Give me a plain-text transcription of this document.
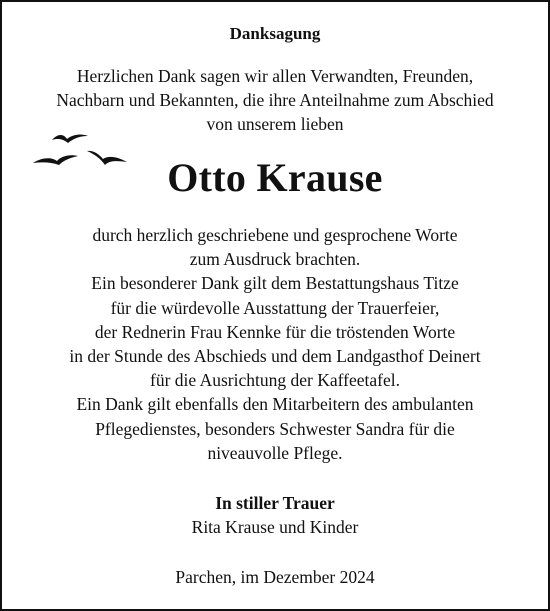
Danksagung
Herzlichen Dank sagen wir allen Verwandten, Freunden,
Nachbarn und Bekannten, die ihre Anteilnahme zum Abschied
von unserem lieben
Otto Krause
durch herzlich geschriebene und gesprochene Worte
zum Ausdruck brachten.
Ein besonderer Dank gilt dem Bestattungshaus Titze
für die würdevolle Ausstattung der Trauerfeier,
der Rednerin Frau Kennke für die tröstenden Worte
in der Stunde des Abschieds und dem Landgasthof Deinert
für die Ausrichtung der Kaffeetafel.
Ein Dank gilt ebenfalls den Mitarbeitern des ambulanten
Pflegedienstes, besonders Schwester Sandra für die
niveauvolle Pflege.
In stiller Trauer
Rita Krause und Kinder
Parchen, im Dezember 2024
